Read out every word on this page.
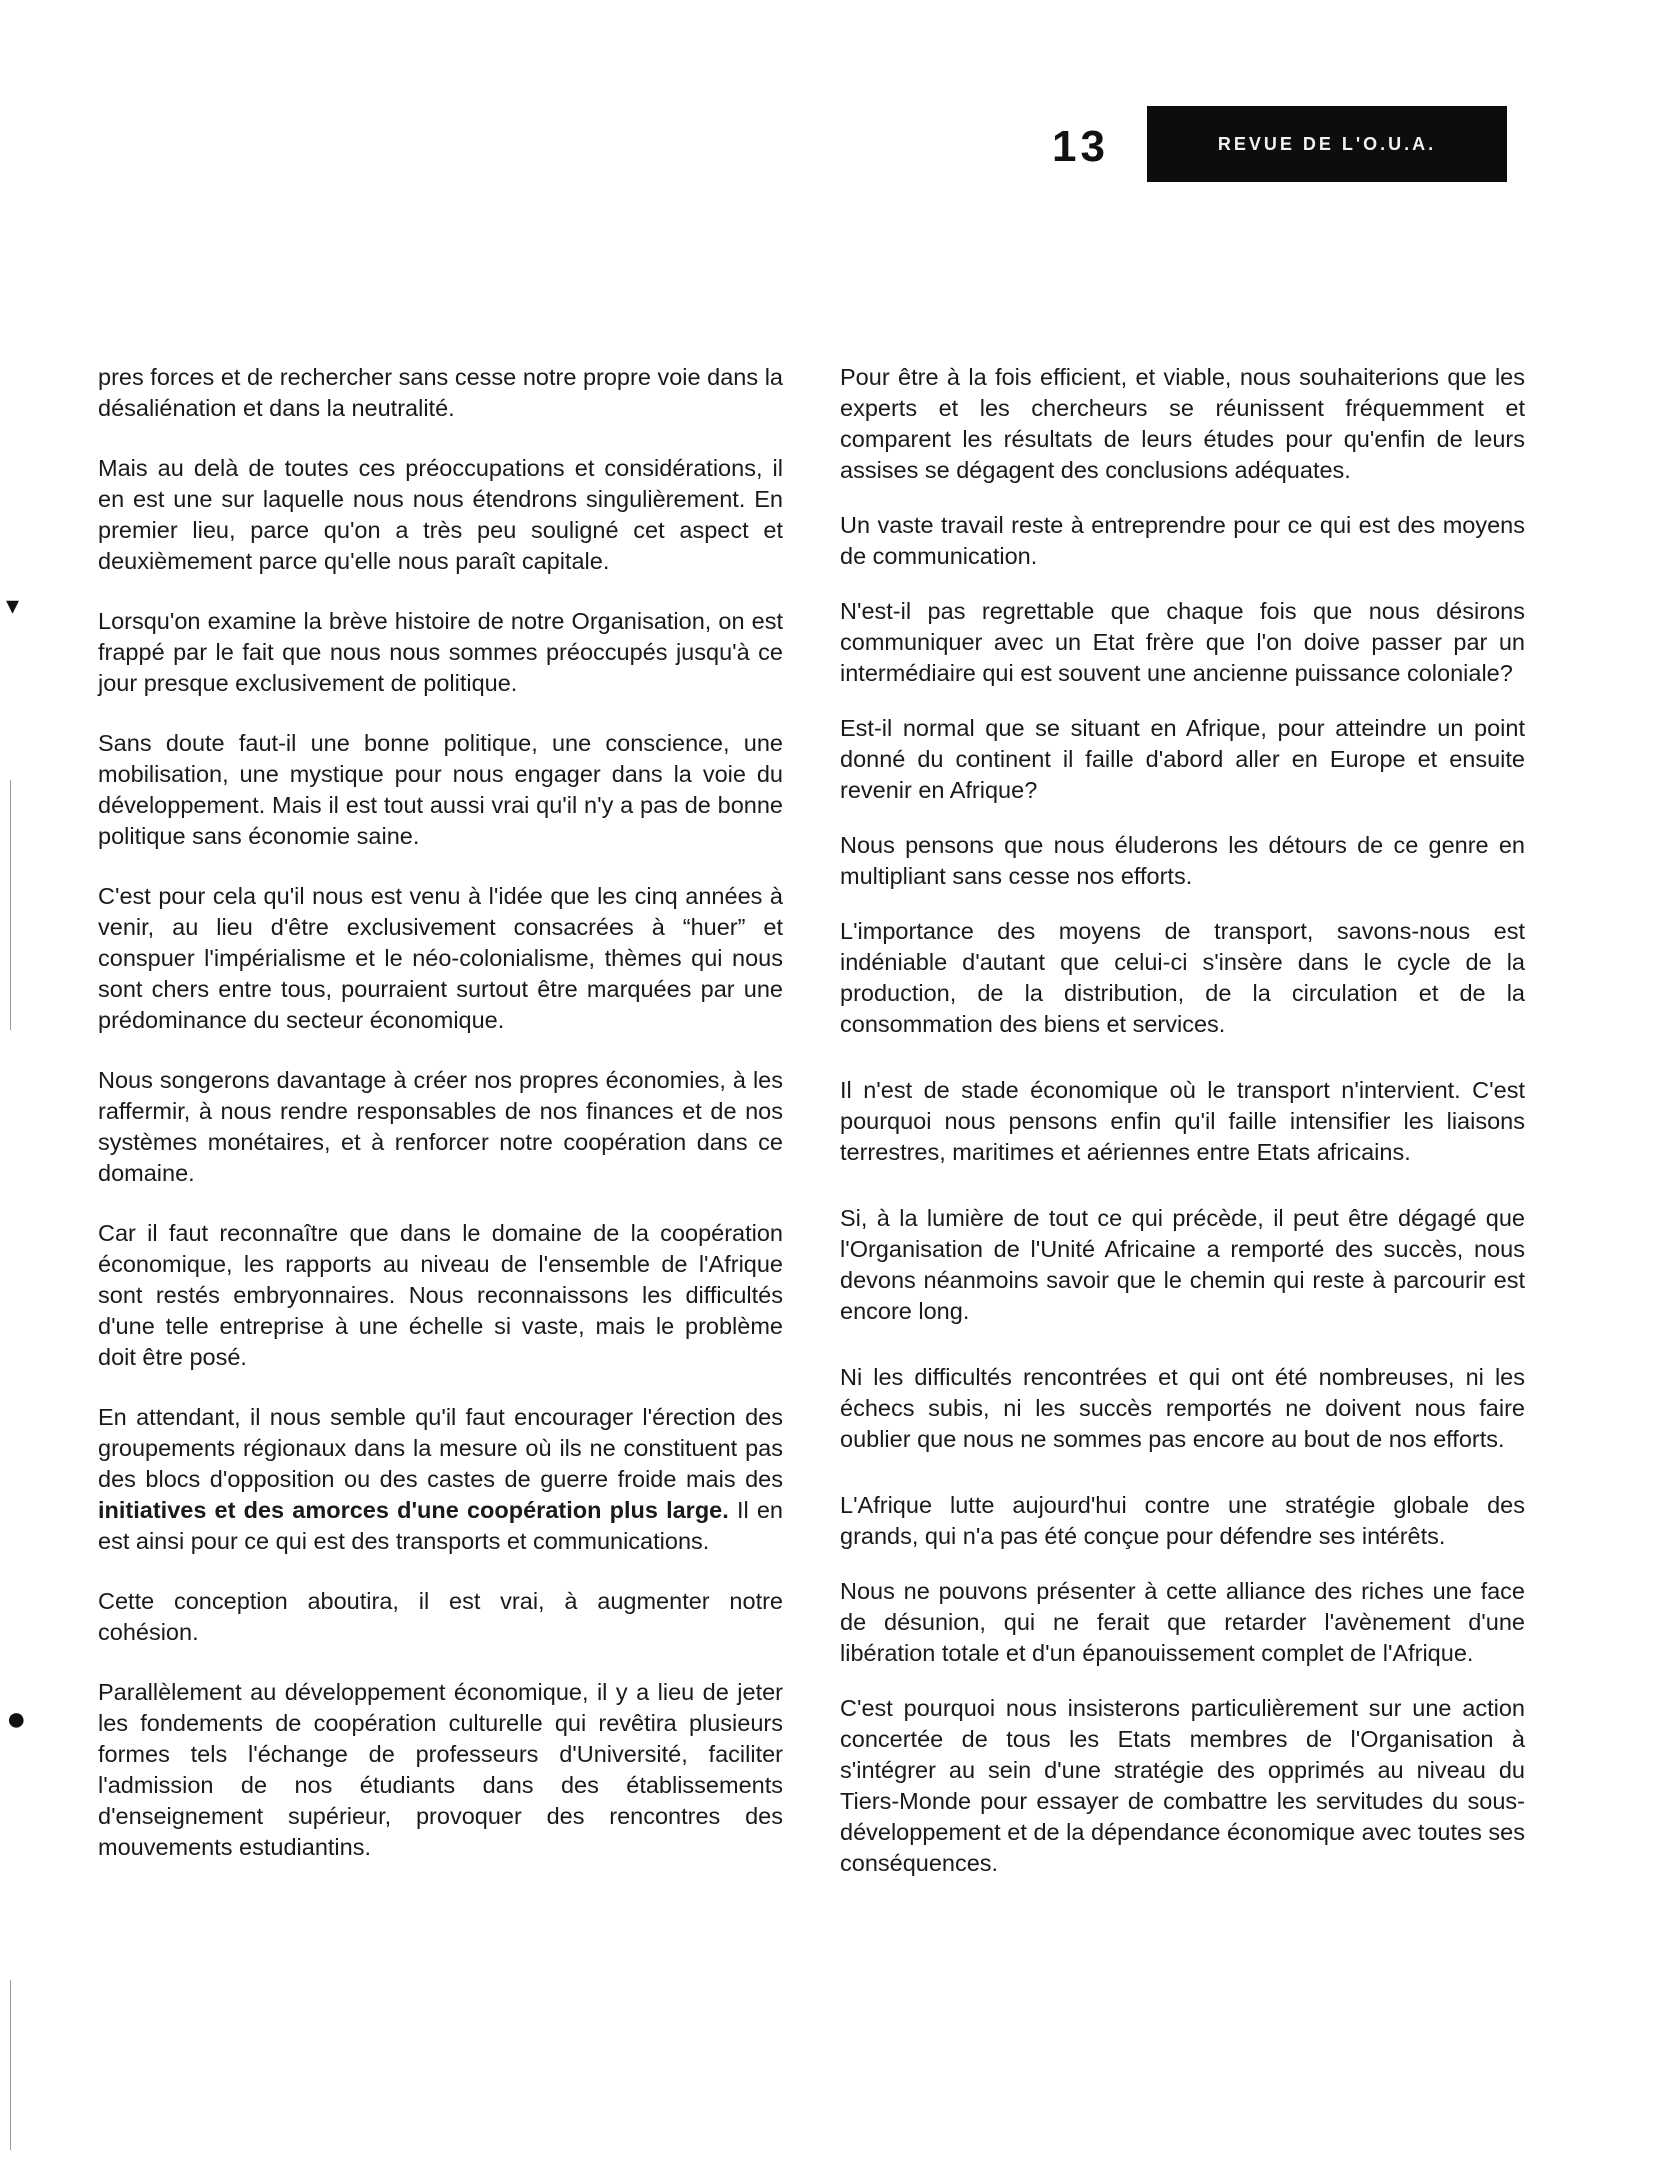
13	REVUE DE L'O.U.A.

pres forces et de rechercher sans cesse notre propre voie dans la désaliénation et dans la neutralité.

Mais au delà de toutes ces préoccupations et considérations, il en est une sur laquelle nous nous étendrons singulièrement. En premier lieu, parce qu'on a très peu souligné cet aspect et deuxièmement parce qu'elle nous paraît capitale.

Lorsqu'on examine la brève histoire de notre Organisation, on est frappé par le fait que nous nous sommes préoccupés jusqu'à ce jour presque exclusivement de politique.

Sans doute faut-il une bonne politique, une conscience, une mobilisation, une mystique pour nous engager dans la voie du développement. Mais il est tout aussi vrai qu'il n'y a pas de bonne politique sans économie saine.

C'est pour cela qu'il nous est venu à l'idée que les cinq années à venir, au lieu d'être exclusivement consacrées à “huer” et conspuer l'impérialisme et le néo-colonialisme, thèmes qui nous sont chers entre tous, pourraient surtout être marquées par une prédominance du secteur économique.

Nous songerons davantage à créer nos propres économies, à les raffermir, à nous rendre responsables de nos finances et de nos systèmes monétaires, et à renforcer notre coopération dans ce domaine.

Car il faut reconnaître que dans le domaine de la coopération économique, les rapports au niveau de l'ensemble de l'Afrique sont restés embryonnaires. Nous reconnaissons les difficultés d'une telle entreprise à une échelle si vaste, mais le problème doit être posé.

En attendant, il nous semble qu'il faut encourager l'érection des groupements régionaux dans la mesure où ils ne constituent pas des blocs d'opposition ou des castes de guerre froide mais des initiatives et des amorces d'une coopération plus large. Il en est ainsi pour ce qui est des transports et communications.

Cette conception aboutira, il est vrai, à augmenter notre cohésion.

Parallèlement au développement économique, il y a lieu de jeter les fondements de coopération culturelle qui revêtira plusieurs formes tels l'échange de professeurs d'Université, faciliter l'admission de nos étudiants dans des établissements d'enseignement supérieur, provoquer des rencontres des mouvements estudiantins.

Pour être à la fois efficient, et viable, nous souhaiterions que les experts et les chercheurs se réunissent fréquemment et comparent les résultats de leurs études pour qu'enfin de leurs assises se dégagent des conclusions adéquates.

Un vaste travail reste à entreprendre pour ce qui est des moyens de communication.

N'est-il pas regrettable que chaque fois que nous désirons communiquer avec un Etat frère que l'on doive passer par un intermédiaire qui est souvent une ancienne puissance coloniale?

Est-il normal que se situant en Afrique, pour atteindre un point donné du continent il faille d'abord aller en Europe et ensuite revenir en Afrique?

Nous pensons que nous éluderons les détours de ce genre en multipliant sans cesse nos efforts.

L'importance des moyens de transport, savons-nous est indéniable d'autant que celui-ci s'insère dans le cycle de la production, de la distribution, de la circulation et de la consommation des biens et services.

Il n'est de stade économique où le transport n'intervient. C'est pourquoi nous pensons enfin qu'il faille intensifier les liaisons terrestres, maritimes et aériennes entre Etats africains.

Si, à la lumière de tout ce qui précède, il peut être dégagé que l'Organisation de l'Unité Africaine a remporté des succès, nous devons néanmoins savoir que le chemin qui reste à parcourir est encore long.

Ni les difficultés rencontrées et qui ont été nombreuses, ni les échecs subis, ni les succès remportés ne doivent nous faire oublier que nous ne sommes pas encore au bout de nos efforts.

L'Afrique lutte aujourd'hui contre une stratégie globale des grands, qui n'a pas été conçue pour défendre ses intérêts.

Nous ne pouvons présenter à cette alliance des riches une face de désunion, qui ne ferait que retarder l'avènement d'une libération totale et d'un épanouissement complet de l'Afrique.

C'est pourquoi nous insisterons particulièrement sur une action concertée de tous les Etats membres de l'Organisation à s'intégrer au sein d'une stratégie des opprimés au niveau du Tiers-Monde pour essayer de combattre les servitudes du sous-développement et de la dépendance économique avec toutes ses conséquences.

▾
●
